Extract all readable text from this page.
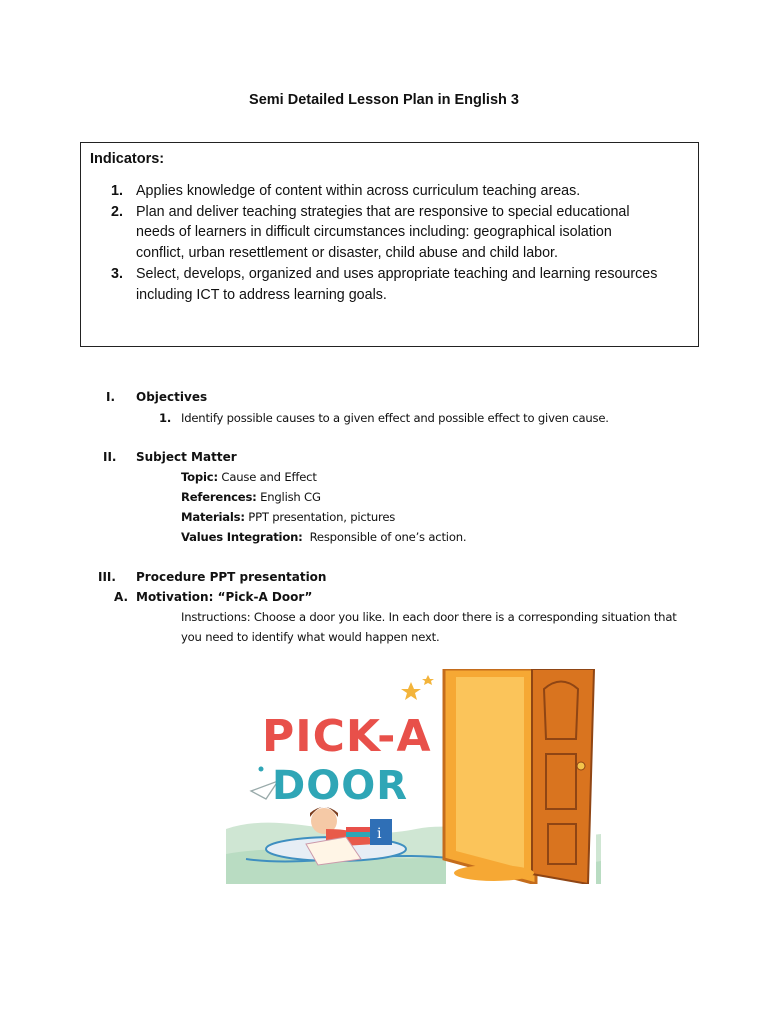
Semi Detailed Lesson Plan in English 3
Indicators:
1. Applies knowledge of content within across curriculum teaching areas.
2. Plan and deliver teaching strategies that are responsive to special educational
needs of learners in difficult circumstances including: geographical isolation
conflict, urban resettlement or disaster, child abuse and child labor.
3. Select, develops, organized and uses appropriate teaching and learning resources
including ICT to address learning goals.
I. Objectives
1. Identify possible causes to a given effect and possible effect to given cause.
II. Subject Matter
Topic: Cause and Effect
References: English CG
Materials: PPT presentation, pictures
Values Integration: Responsible of one’s action.
III. Procedure PPT presentation
A. Motivation: “Pick-A Door”
Instructions: Choose a door you like. In each door there is a corresponding situation that
you need to identify what would happen next.
i
PICK-A
DOOR
